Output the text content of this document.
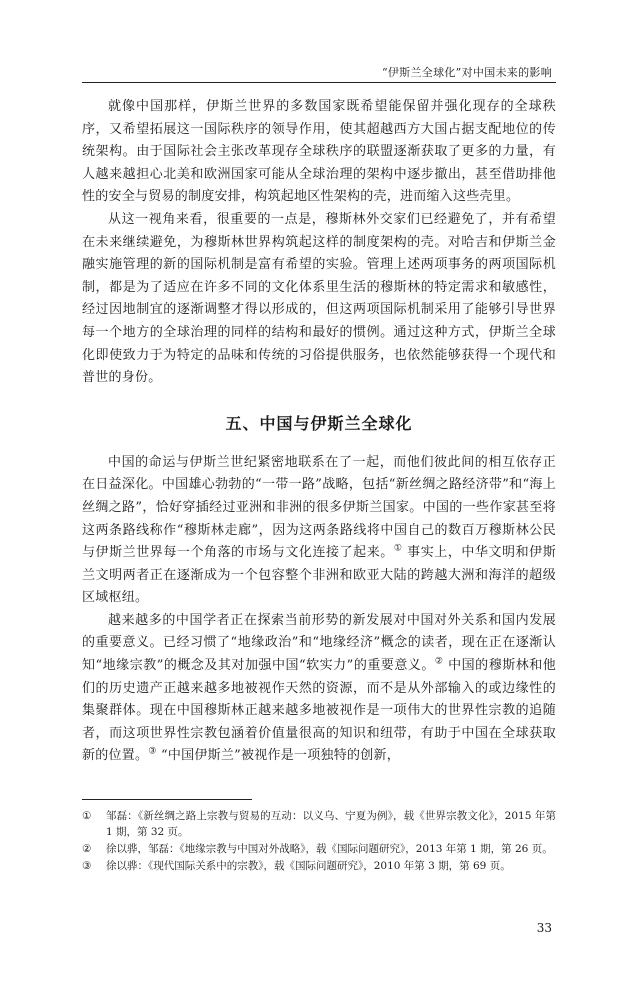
“伊斯兰全球化”对中国未来的影响

就像中国那样，伊斯兰世界的多数国家既希望能保留并强化现存的全球秩序，又希望拓展这一国际秩序的领导作用，使其超越西方大国占据支配地位的传统架构。由于国际社会主张改革现存全球秩序的联盟逐渐获取了更多的力量，有人越来越担心北美和欧洲国家可能从全球治理的架构中逐步撤出，甚至借助排他性的安全与贸易的制度安排，构筑起地区性架构的壳，进而缩入这些壳里。

从这一视角来看，很重要的一点是，穆斯林外交家们已经避免了，并有希望在未来继续避免，为穆斯林世界构筑起这样的制度架构的壳。对哈吉和伊斯兰金融实施管理的新的国际机制是富有希望的实验。管理上述两项事务的两项国际机制，都是为了适应在许多不同的文化体系里生活的穆斯林的特定需求和敏感性，经过因地制宜的逐渐调整才得以形成的，但这两项国际机制采用了能够引导世界每一个地方的全球治理的同样的结构和最好的惯例。通过这种方式，伊斯兰全球化即使致力于为特定的品味和传统的习俗提供服务，也依然能够获得一个现代和普世的身份。

五、中国与伊斯兰全球化

中国的命运与伊斯兰世纪紧密地联系在了一起，而他们彼此间的相互依存正在日益深化。中国雄心勃勃的“一带一路”战略，包括“新丝绸之路经济带”和“海上丝绸之路”，恰好穿插经过亚洲和非洲的很多伊斯兰国家。中国的一些作家甚至将这两条路线称作“穆斯林走廊”，因为这两条路线将中国自己的数百万穆斯林公民与伊斯兰世界每一个角落的市场与文化连接了起来。① 事实上，中华文明和伊斯兰文明两者正在逐渐成为一个包容整个非洲和欧亚大陆的跨越大洲和海洋的超级区域枢纽。

越来越多的中国学者正在探索当前形势的新发展对中国对外关系和国内发展的重要意义。已经习惯了“地缘政治”和“地缘经济”概念的读者，现在正在逐渐认知“地缘宗教”的概念及其对加强中国“软实力”的重要意义。② 中国的穆斯林和他们的历史遗产正越来越多地被视作天然的资源，而不是从外部输入的或边缘性的集聚群体。现在中国穆斯林正越来越多地被视作是一项伟大的世界性宗教的追随者，而这项世界性宗教包涵着价值量很高的知识和纽带，有助于中国在全球获取新的位置。③ “中国伊斯兰”被视作是一项独特的创新，

①	邹磊：《新丝绸之路上宗教与贸易的互动：以义乌、宁夏为例》，载《世界宗教文化》，2015 年第 1 期，第 32 页。
②	徐以骅，邹磊：《地缘宗教与中国对外战略》，载《国际问题研究》，2013 年第 1 期，第 26 页。
③	徐以骅：《现代国际关系中的宗教》，载《国际问题研究》，2010 年第 3 期，第 69 页。
33
